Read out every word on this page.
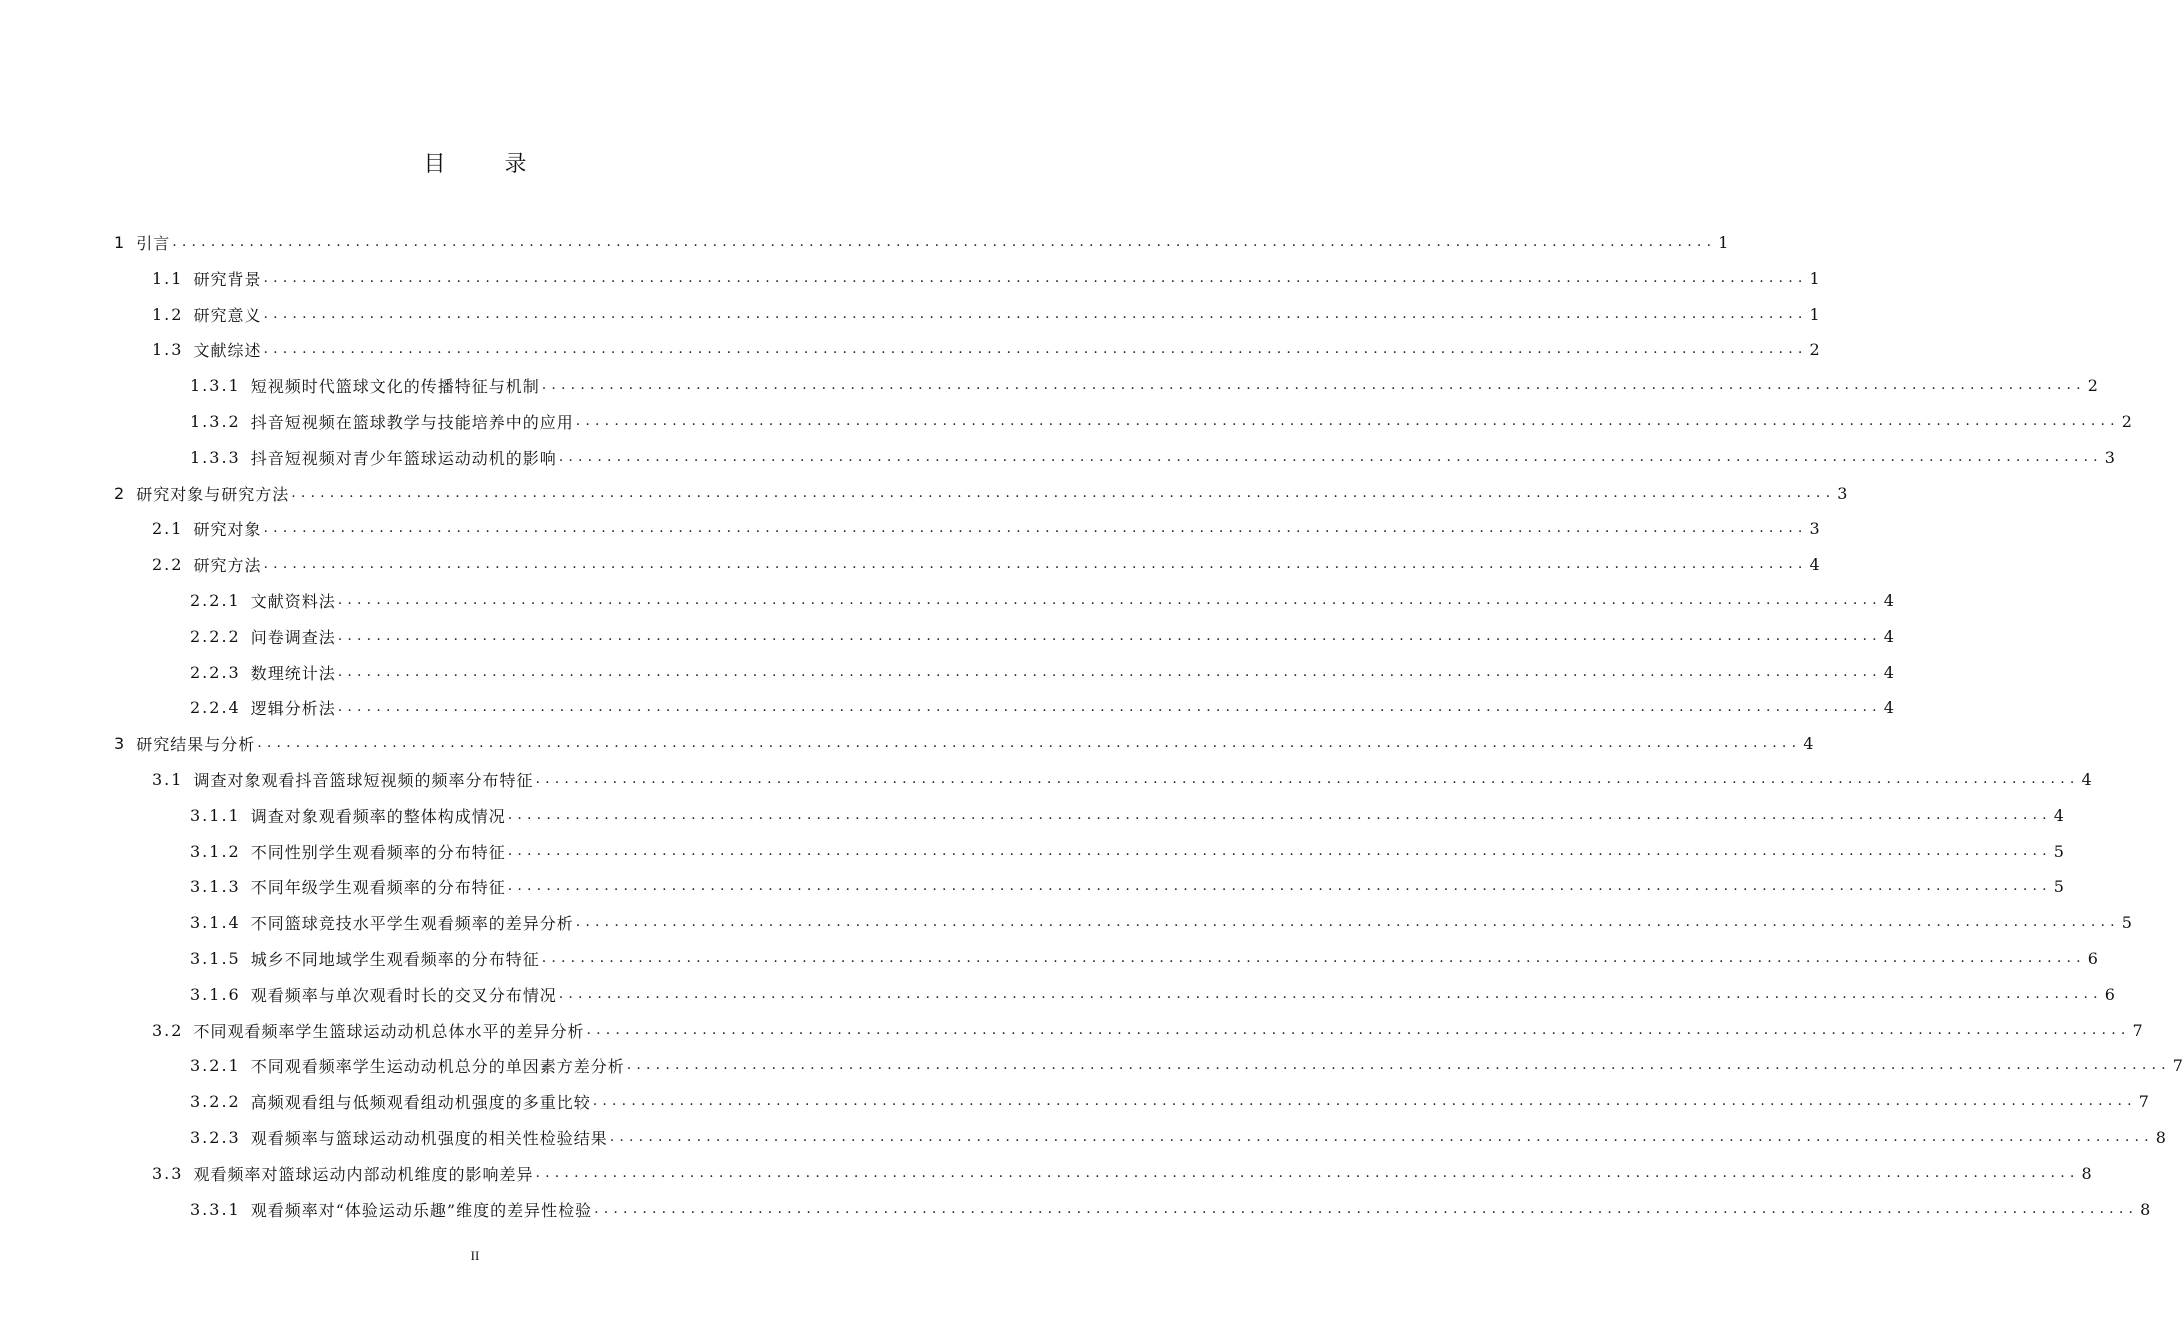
目 录
1 引言 ................................................................................................................................................................ 1
1.1 研究背景 ................................................................................................................................................................ 1
1.2 研究意义 ................................................................................................................................................................ 1
1.3 文献综述 ................................................................................................................................................................ 2
1.3.1 短视频时代篮球文化的传播特征与机制 ................................................................................................................................................................ 2
1.3.2 抖音短视频在篮球教学与技能培养中的应用 ................................................................................................................................................................ 2
1.3.3 抖音短视频对青少年篮球运动动机的影响 ................................................................................................................................................................ 3
2 研究对象与研究方法 ................................................................................................................................................................ 3
2.1 研究对象 ................................................................................................................................................................ 3
2.2 研究方法 ................................................................................................................................................................ 4
2.2.1 文献资料法 ................................................................................................................................................................ 4
2.2.2 问卷调查法 ................................................................................................................................................................ 4
2.2.3 数理统计法 ................................................................................................................................................................ 4
2.2.4 逻辑分析法 ................................................................................................................................................................ 4
3 研究结果与分析 ................................................................................................................................................................ 4
3.1 调查对象观看抖音篮球短视频的频率分布特征 ................................................................................................................................................................ 4
3.1.1 调查对象观看频率的整体构成情况 ................................................................................................................................................................ 4
3.1.2 不同性别学生观看频率的分布特征 ................................................................................................................................................................ 5
3.1.3 不同年级学生观看频率的分布特征 ................................................................................................................................................................ 5
3.1.4 不同篮球竞技水平学生观看频率的差异分析 ................................................................................................................................................................ 5
3.1.5 城乡不同地域学生观看频率的分布特征 ................................................................................................................................................................ 6
3.1.6 观看频率与单次观看时长的交叉分布情况 ................................................................................................................................................................ 6
3.2 不同观看频率学生篮球运动动机总体水平的差异分析 ................................................................................................................................................................ 7
3.2.1 不同观看频率学生运动动机总分的单因素方差分析 ................................................................................................................................................................ 7
3.2.2 高频观看组与低频观看组动机强度的多重比较 ................................................................................................................................................................ 7
3.2.3 观看频率与篮球运动动机强度的相关性检验结果 ................................................................................................................................................................ 8
3.3 观看频率对篮球运动内部动机维度的影响差异 ................................................................................................................................................................ 8
3.3.1 观看频率对“体验运动乐趣”维度的差异性检验 ................................................................................................................................................................ 8
II
